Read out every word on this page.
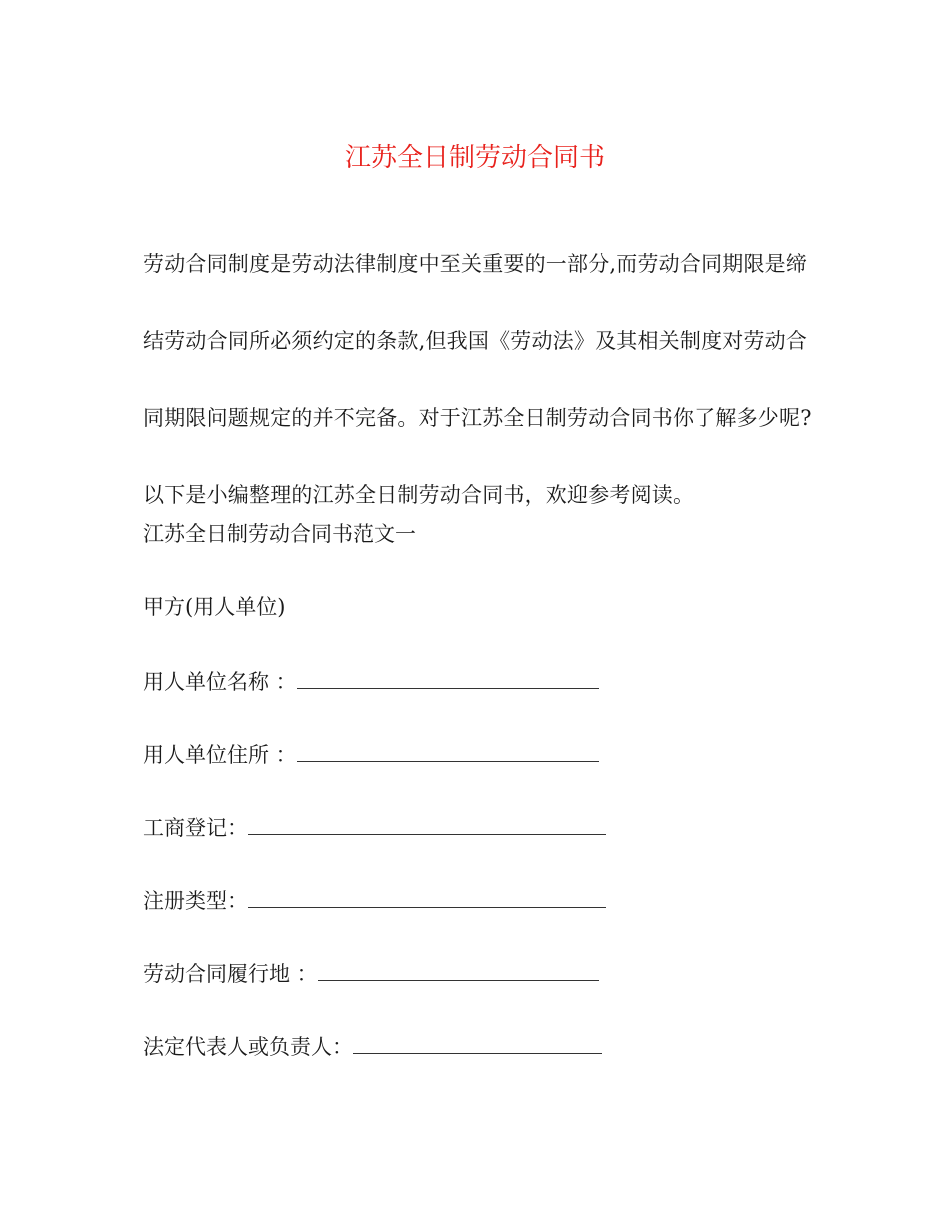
江苏全日制劳动合同书

劳动合同制度是劳动法律制度中至关重要的一部分,而劳动合同期限是缔结劳动合同所必须约定的条款,但我国《劳动法》及其相关制度对劳动合同期限问题规定的并不完备。对于江苏全日制劳动合同书你了解多少呢?以下是小编整理的江苏全日制劳动合同书，欢迎参考阅读。

江苏全日制劳动合同书范文一

甲方(用人单位)

用人单位名称 ：

用人单位住所 ：

工商登记：

注册类型：

劳动合同履行地 ：

法定代表人或负责人：
